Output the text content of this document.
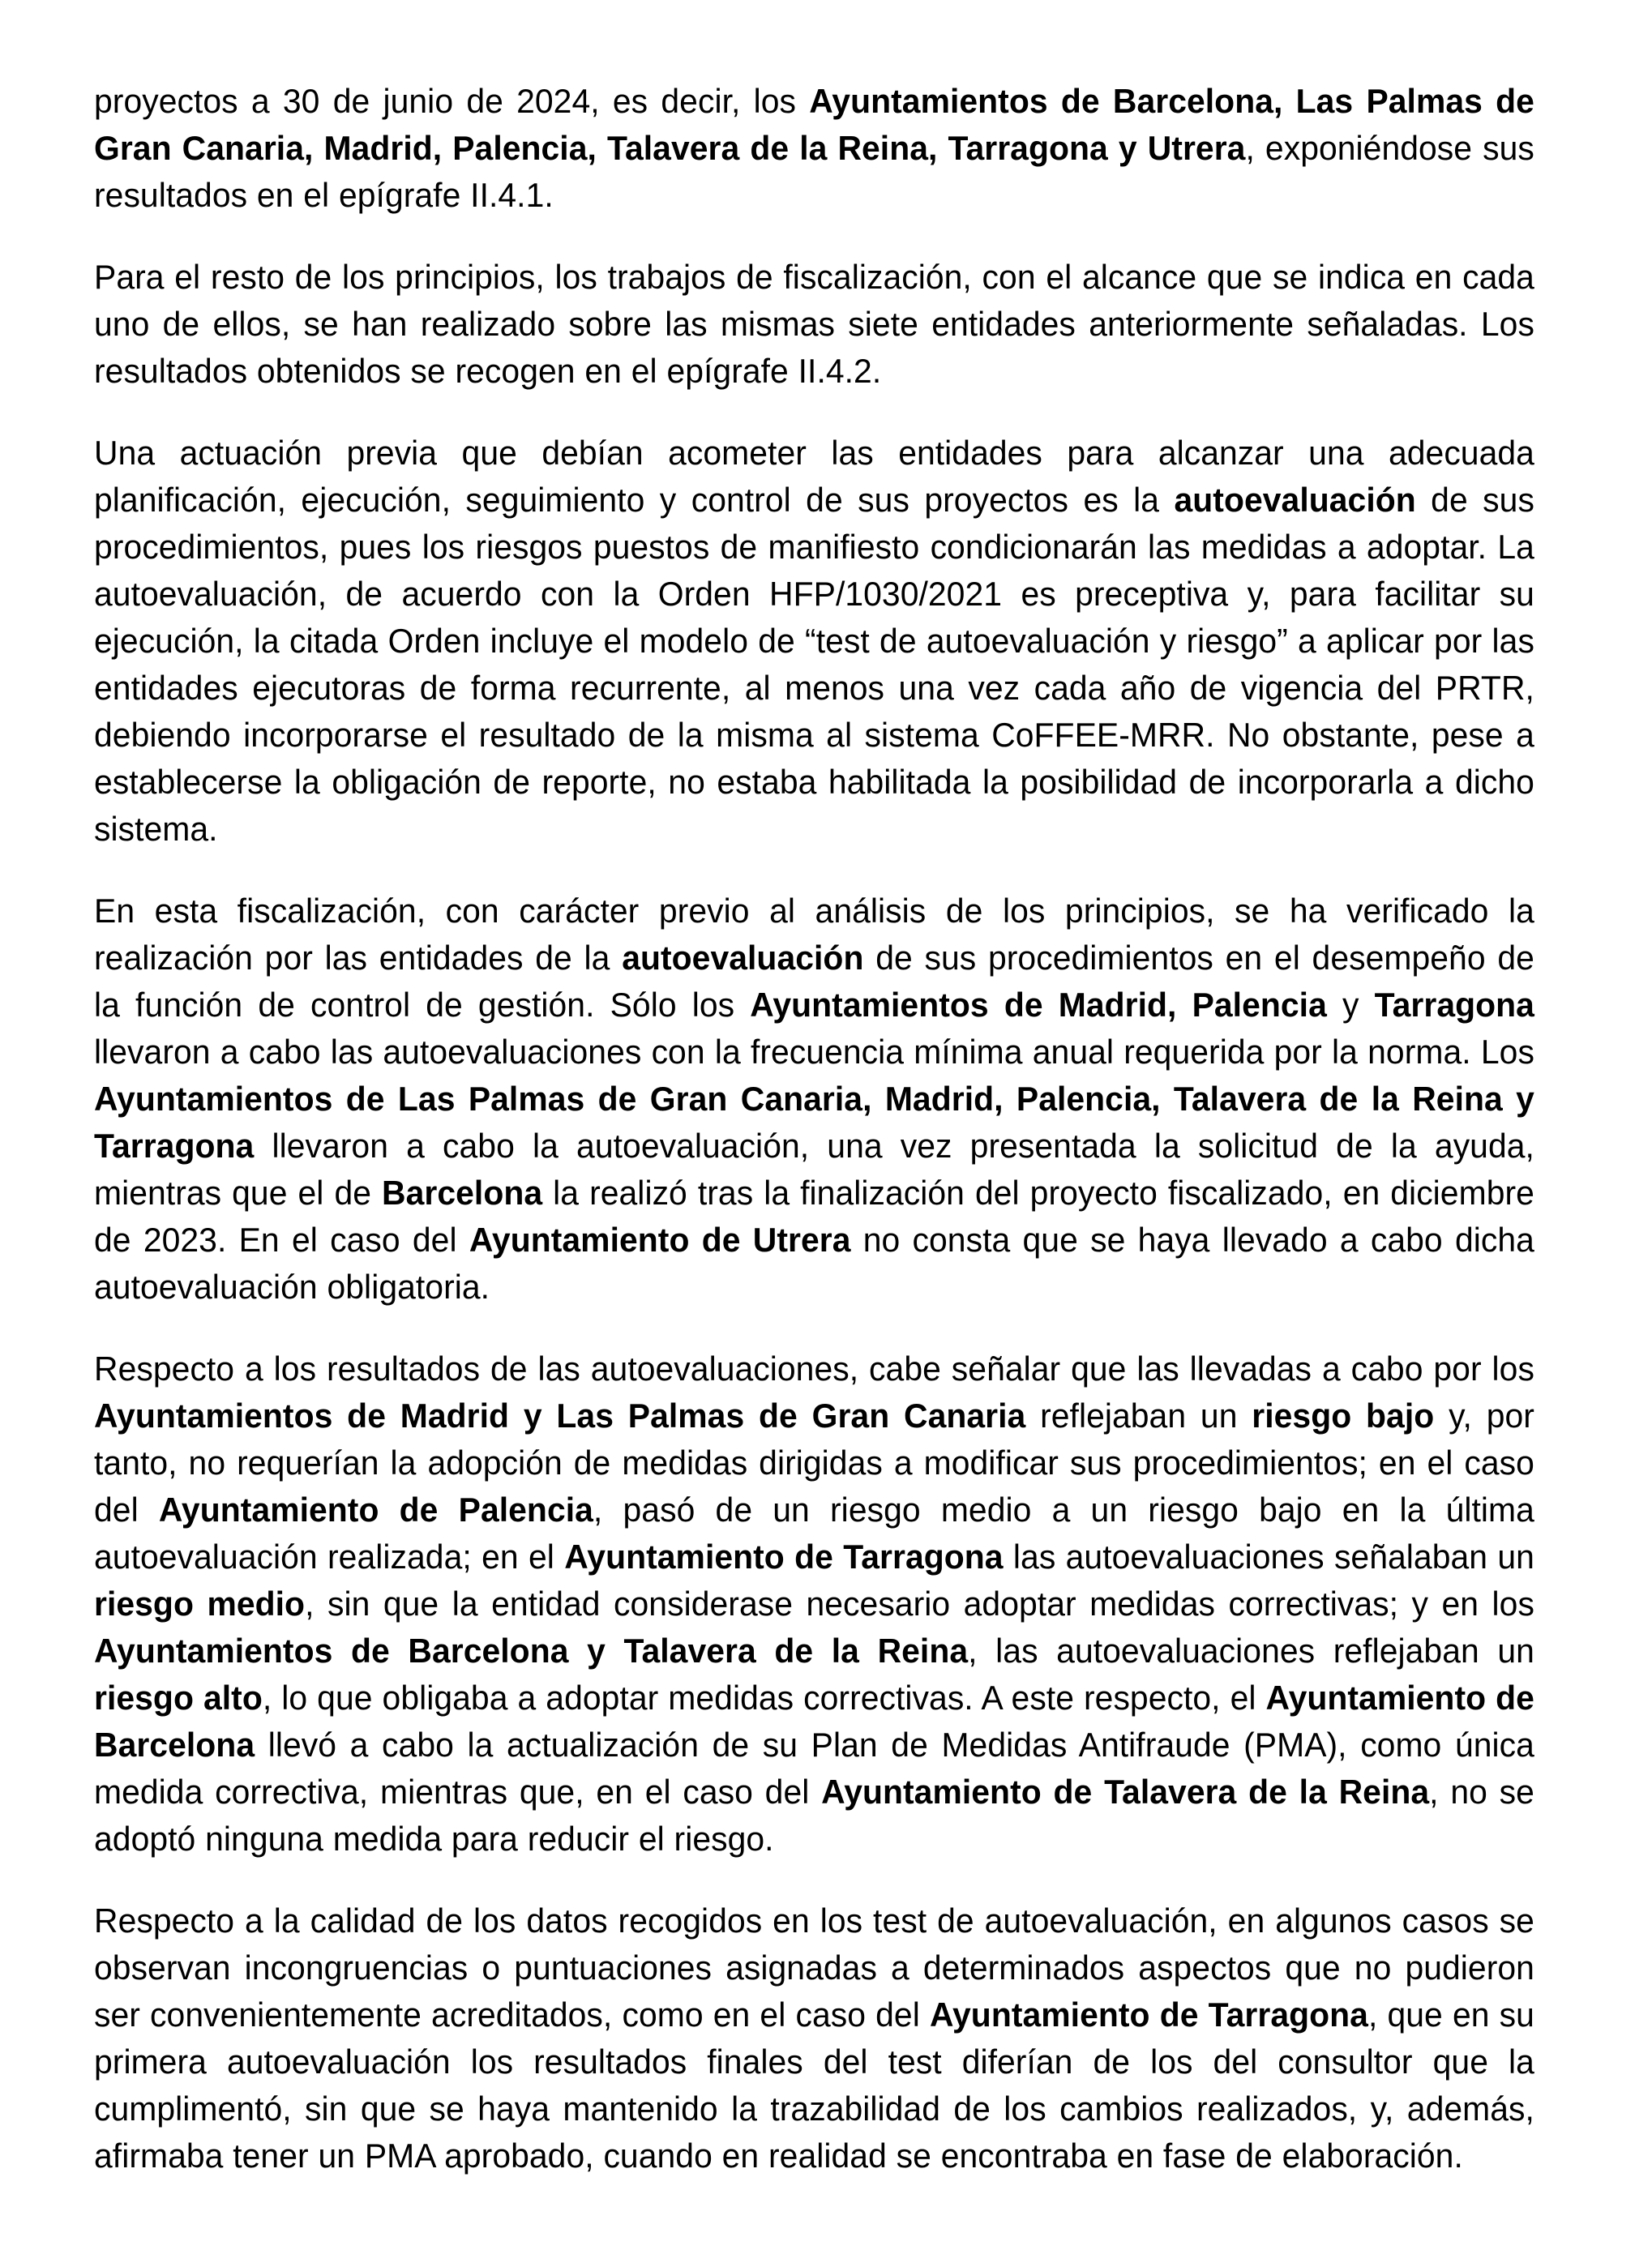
proyectos a 30 de junio de 2024, es decir, los Ayuntamientos de Barcelona, Las Palmas de Gran Canaria, Madrid, Palencia, Talavera de la Reina, Tarragona y Utrera, exponiéndose sus resultados en el epígrafe II.4.1.

Para el resto de los principios, los trabajos de fiscalización, con el alcance que se indica en cada uno de ellos, se han realizado sobre las mismas siete entidades anteriormente señaladas. Los resultados obtenidos se recogen en el epígrafe II.4.2.

Una actuación previa que debían acometer las entidades para alcanzar una adecuada planificación, ejecución, seguimiento y control de sus proyectos es la autoevaluación de sus procedimientos, pues los riesgos puestos de manifiesto condicionarán las medidas a adoptar. La autoevaluación, de acuerdo con la Orden HFP/1030/2021 es preceptiva y, para facilitar su ejecución, la citada Orden incluye el modelo de “test de autoevaluación y riesgo” a aplicar por las entidades ejecutoras de forma recurrente, al menos una vez cada año de vigencia del PRTR, debiendo incorporarse el resultado de la misma al sistema CoFFEE-MRR. No obstante, pese a establecerse la obligación de reporte, no estaba habilitada la posibilidad de incorporarla a dicho sistema.

En esta fiscalización, con carácter previo al análisis de los principios, se ha verificado la realización por las entidades de la autoevaluación de sus procedimientos en el desempeño de la función de control de gestión. Sólo los Ayuntamientos de Madrid, Palencia y Tarragona llevaron a cabo las autoevaluaciones con la frecuencia mínima anual requerida por la norma. Los Ayuntamientos de Las Palmas de Gran Canaria, Madrid, Palencia, Talavera de la Reina y Tarragona llevaron a cabo la autoevaluación, una vez presentada la solicitud de la ayuda, mientras que el de Barcelona la realizó tras la finalización del proyecto fiscalizado, en diciembre de 2023. En el caso del Ayuntamiento de Utrera no consta que se haya llevado a cabo dicha autoevaluación obligatoria.

Respecto a los resultados de las autoevaluaciones, cabe señalar que las llevadas a cabo por los Ayuntamientos de Madrid y Las Palmas de Gran Canaria reflejaban un riesgo bajo y, por tanto, no requerían la adopción de medidas dirigidas a modificar sus procedimientos; en el caso del Ayuntamiento de Palencia, pasó de un riesgo medio a un riesgo bajo en la última autoevaluación realizada; en el Ayuntamiento de Tarragona las autoevaluaciones señalaban un riesgo medio, sin que la entidad considerase necesario adoptar medidas correctivas; y en los Ayuntamientos de Barcelona y Talavera de la Reina, las autoevaluaciones reflejaban un riesgo alto, lo que obligaba a adoptar medidas correctivas. A este respecto, el Ayuntamiento de Barcelona llevó a cabo la actualización de su Plan de Medidas Antifraude (PMA), como única medida correctiva, mientras que, en el caso del Ayuntamiento de Talavera de la Reina, no se adoptó ninguna medida para reducir el riesgo.

Respecto a la calidad de los datos recogidos en los test de autoevaluación, en algunos casos se observan incongruencias o puntuaciones asignadas a determinados aspectos que no pudieron ser convenientemente acreditados, como en el caso del Ayuntamiento de Tarragona, que en su primera autoevaluación los resultados finales del test diferían de los del consultor que la cumplimentó, sin que se haya mantenido la trazabilidad de los cambios realizados, y, además, afirmaba tener un PMA aprobado, cuando en realidad se encontraba en fase de elaboración.
